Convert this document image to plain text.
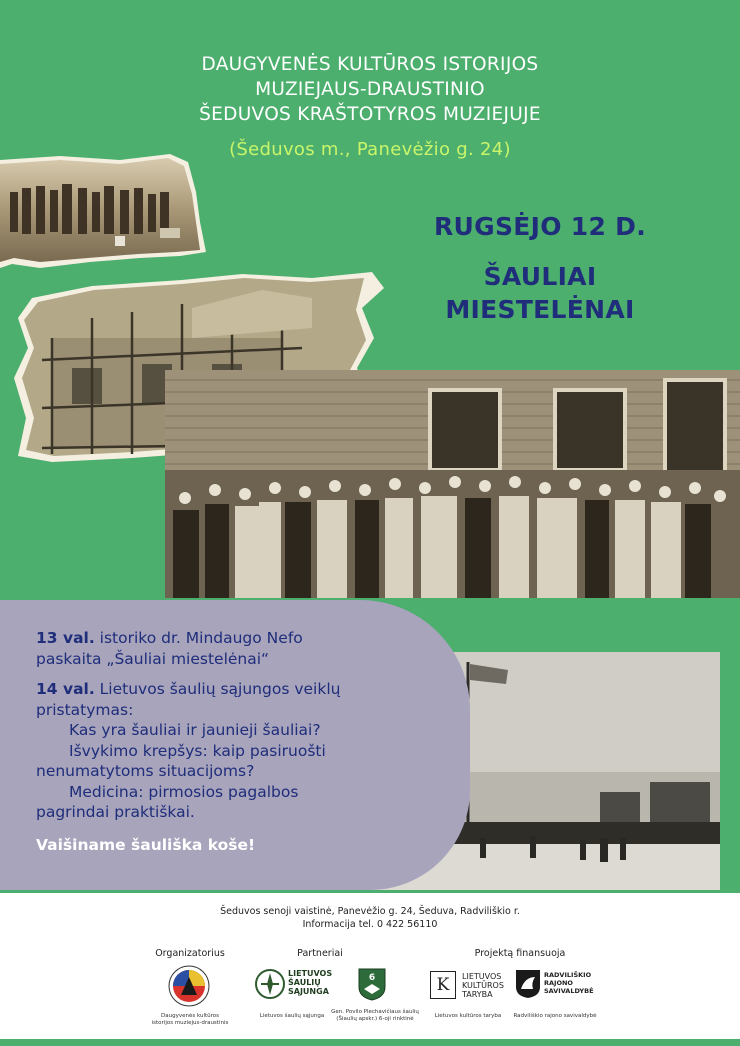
DAUGYVENĖS KULTŪROS ISTORIJOS
MUZIEJAUS-DRAUSTINIO
ŠEDUVOS KRAŠTOTYROS MUZIEJUJE
(Šeduvos m., Panevėžio g. 24)
RUGSĖJO 12 D.
ŠAULIAI
MIESTELĖNAI

13 val. istoriko dr. Mindaugo Nefo
paskaita „Šauliai miestelėnai“

14 val. Lietuvos šaulių sąjungos veiklų
pristatymas:

Kas yra šauliai ir jaunieji šauliai?
Išvykimo krepšys: kaip pasiruošti
nenumatytoms situacijoms?

Medicina: pirmosios pagalbos
pagrindai praktiškai.

Vaišiname šauliška koše!

Šeduvos senoji vaistinė, Panevėžio g. 24, Šeduva, Radviliškio r.
Informacija tel. 0 422 56110
Organizatorius	Partneriai	Projektą finansuoja
Daugyvenės kultūros
istorijos muziejus-draustinis
LIETUVOS
ŠAULIŲ
SĄJUNGA
Lietuvos šaulių sąjunga
6
Gen. Povilo Plechavičiaus šaulių
(Šiaulių apskr.) 6-oji rinktinė
K	LIETUVOS
KULTŪROS
TARYBA
Lietuvos kultūros taryba
RADVILIŠKIO
RAJONO
SAVIVALDYBĖ
Radviliškio rajono savivaldybė
